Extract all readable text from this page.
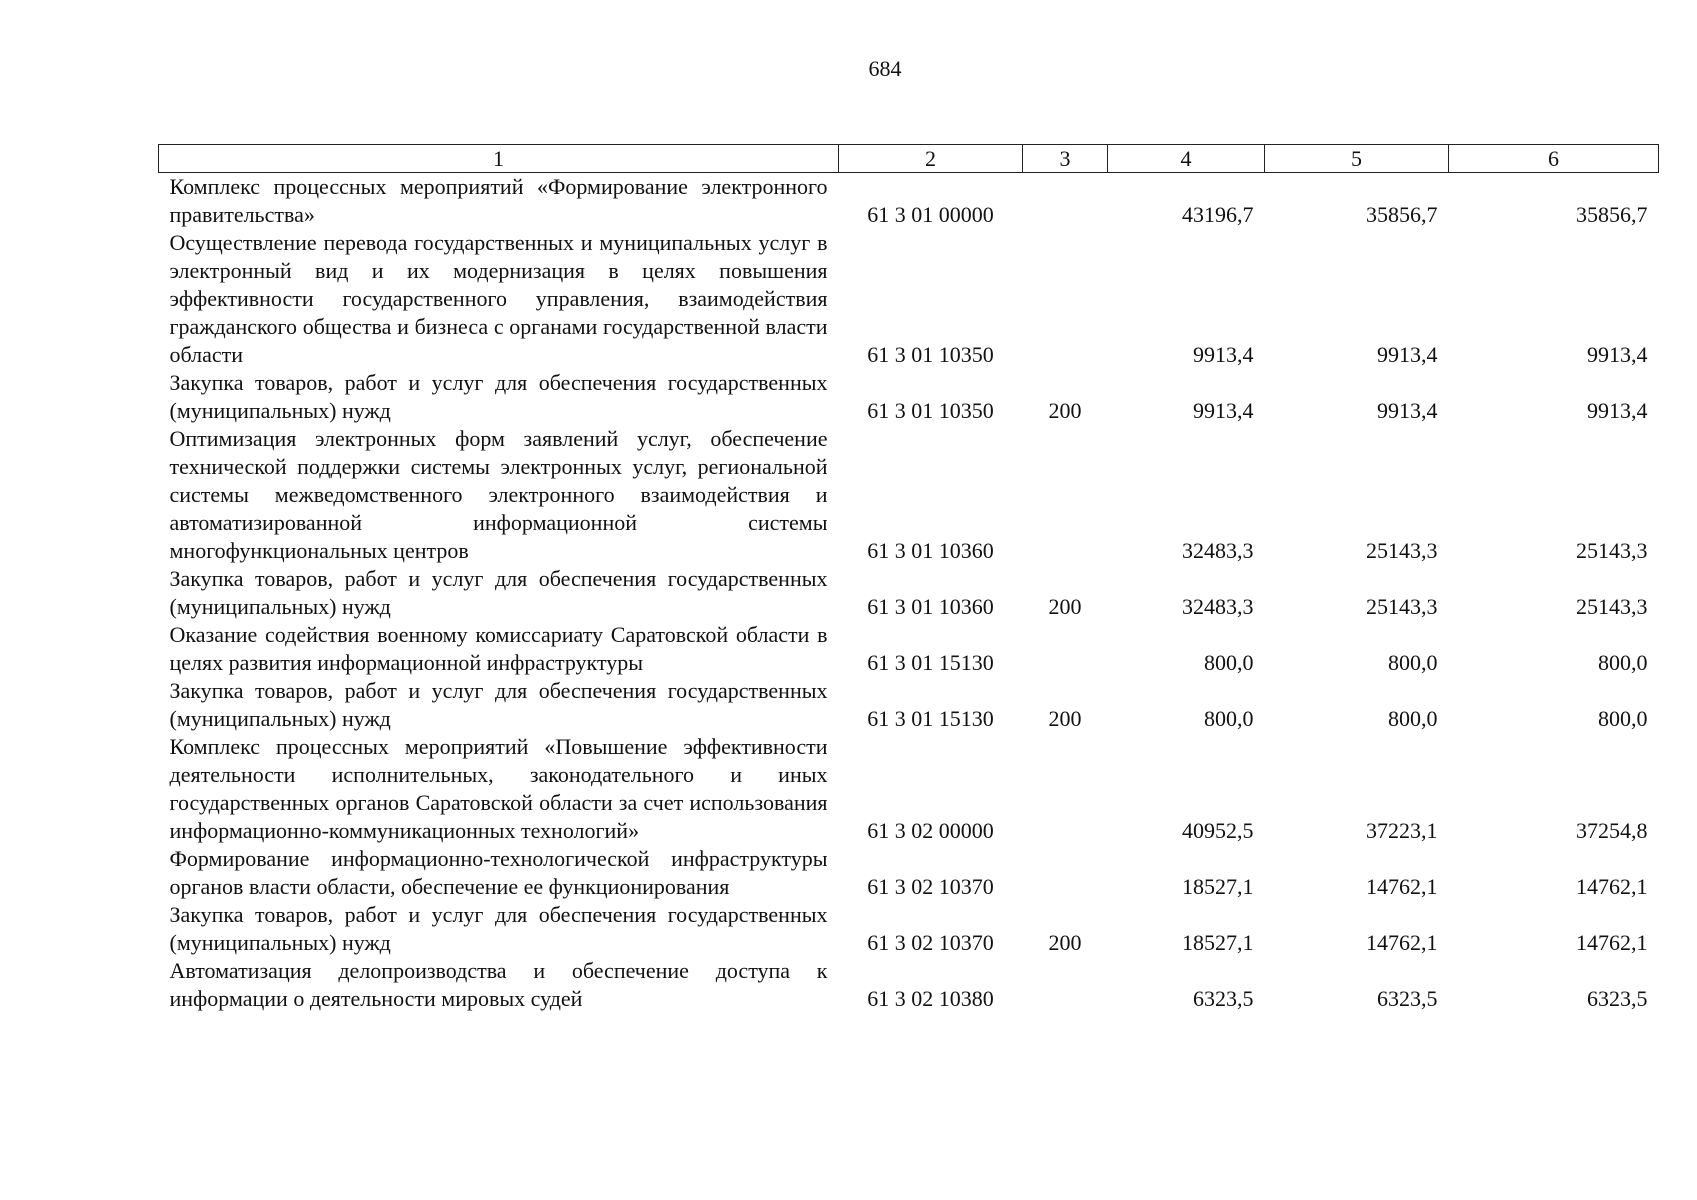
684
1	2	3	4	5	6
Комплекс процессных мероприятий «Формирование электронного правительства»	61 3 01 00000		43196,7	35856,7	35856,7
Осуществление перевода государственных и муниципальных услуг в электронный вид и их модернизация в целях повышения эффективности государственного управления, взаимодействия гражданского общества и бизнеса с органами государственной власти области	61 3 01 10350		9913,4	9913,4	9913,4
Закупка товаров, работ и услуг для обеспечения государственных (муниципальных) нужд	61 3 01 10350	200	9913,4	9913,4	9913,4
Оптимизация электронных форм заявлений услуг, обеспечение технической поддержки системы электронных услуг, региональной системы межведомственного электронного взаимодействия и автоматизированной информационной системы многофункциональных центров	61 3 01 10360		32483,3	25143,3	25143,3
Закупка товаров, работ и услуг для обеспечения государственных (муниципальных) нужд	61 3 01 10360	200	32483,3	25143,3	25143,3
Оказание содействия военному комиссариату Саратовской области в целях развития информационной инфраструктуры	61 3 01 15130		800,0	800,0	800,0
Закупка товаров, работ и услуг для обеспечения государственных (муниципальных) нужд	61 3 01 15130	200	800,0	800,0	800,0
Комплекс процессных мероприятий «Повышение эффективности деятельности исполнительных, законодательного и иных государственных органов Саратовской области за счет использования информационно-коммуникационных технологий»	61 3 02 00000		40952,5	37223,1	37254,8
Формирование информационно-технологической инфраструктуры органов власти области, обеспечение ее функционирования	61 3 02 10370		18527,1	14762,1	14762,1
Закупка товаров, работ и услуг для обеспечения государственных (муниципальных) нужд	61 3 02 10370	200	18527,1	14762,1	14762,1
Автоматизация делопроизводства и обеспечение доступа к информации о деятельности мировых судей	61 3 02 10380		6323,5	6323,5	6323,5
